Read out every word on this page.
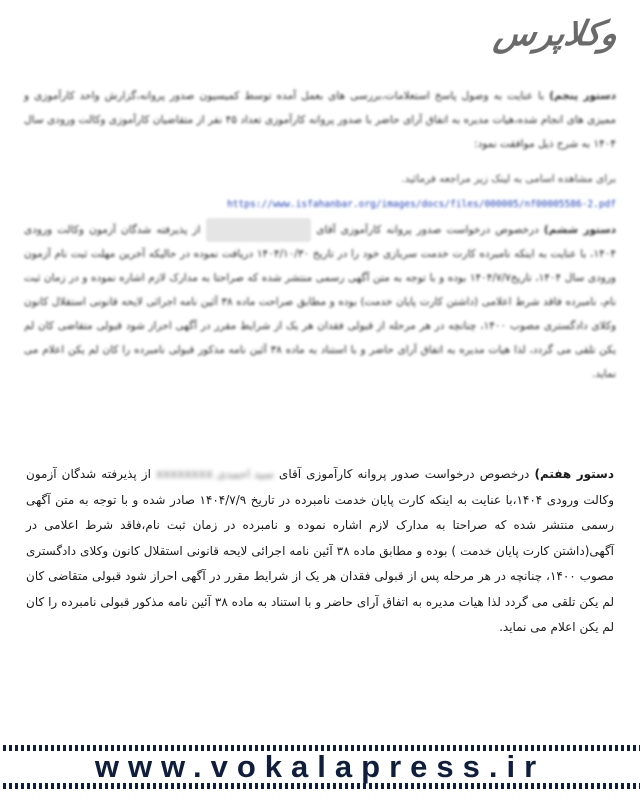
وکلاپرس
دستور پنجم) با عنایت به وصول پاسخ استعلامات،بررسی های بعمل آمده توسط کمیسیون صدور پروانه،گزارش واحد کارآموزی و ممیزی های انجام شده،هیات مدیره به اتفاق آرای حاضر با صدور پروانه کارآموزی تعداد ۴۵ نفر از متقاضیان کارآموزی وکالت ورودی سال ۱۴۰۴ به شرح ذیل موافقت نمود:
برای مشاهده اسامی به لینک زیر مراجعه فرمائید.
https://www.isfahanbar.org/images/docs/files/000005/nf00005586-2.pdf
دستور ششم) درخصوص درخواست صدور پروانه کارآموزی آقای  از پذیرفته شدگان آزمون وکالت ورودی ۱۴۰۴، با عنایت به اینکه نامبرده کارت خدمت سربازی خود را در تاریخ ۱۴۰۴/۱۰/۳۰ دریافت نموده در حالیکه آخرین مهلت ثبت نام آزمون ورودی سال ۱۴۰۴، تاریخ۱۴۰۴/۷/۷ بوده و با توجه به متن آگهی رسمی منتشر شده که صراحتا به مدارک لازم اشاره نموده و در زمان ثبت نام، نامبرده فاقد شرط اعلامی (داشتن کارت پایان خدمت) بوده و مطابق صراحت ماده ۳۸ آئین نامه اجرائی لایحه قانونی استقلال کانون وکلای دادگستری مصوب ۱۴۰۰، چنانچه در هر مرحله از قبولی فقدان هر یک از شرایط مقرر در آگهی احراز شود قبولی متقاضی کان لم یکن تلقی می گردد، لذا هیات مدیره به اتفاق آرای حاضر و با استناد به ماده ۳۸ آئین نامه مذکور قبولی نامبرده را کان لم یکن اعلام می نماید.
دستور هفتم) درخصوص درخواست صدور پروانه کارآموزی آقای سید احمدی xxxxxxxx از پذیرفته شدگان آزمون وکالت ورودی ۱۴۰۴،با عنایت به اینکه کارت پایان خدمت نامبرده در تاریخ ۱۴۰۴/۷/۹ صادر شده و با توجه به متن آگهی رسمی منتشر شده که صراحتا به مدارک لازم اشاره نموده و نامبرده در زمان ثبت نام،فاقد شرط اعلامی در آگهی(داشتن کارت پایان خدمت ) بوده و مطابق ماده ۳۸ آئین نامه اجرائی لایحه قانونی استقلال کانون وکلای دادگستری مصوب ۱۴۰۰، چنانچه در هر مرحله پس از قبولی فقدان هر یک از شرایط مقرر در آگهی احراز شود قبولی متقاضی کان لم یکن تلقی می گردد لذا هیات مدیره به اتفاق آرای حاضر و با استناد به ماده ۳۸ آئین نامه مذکور قبولی نامبرده را کان لم یکن اعلام می نماید.
www.vokalapress.ir
